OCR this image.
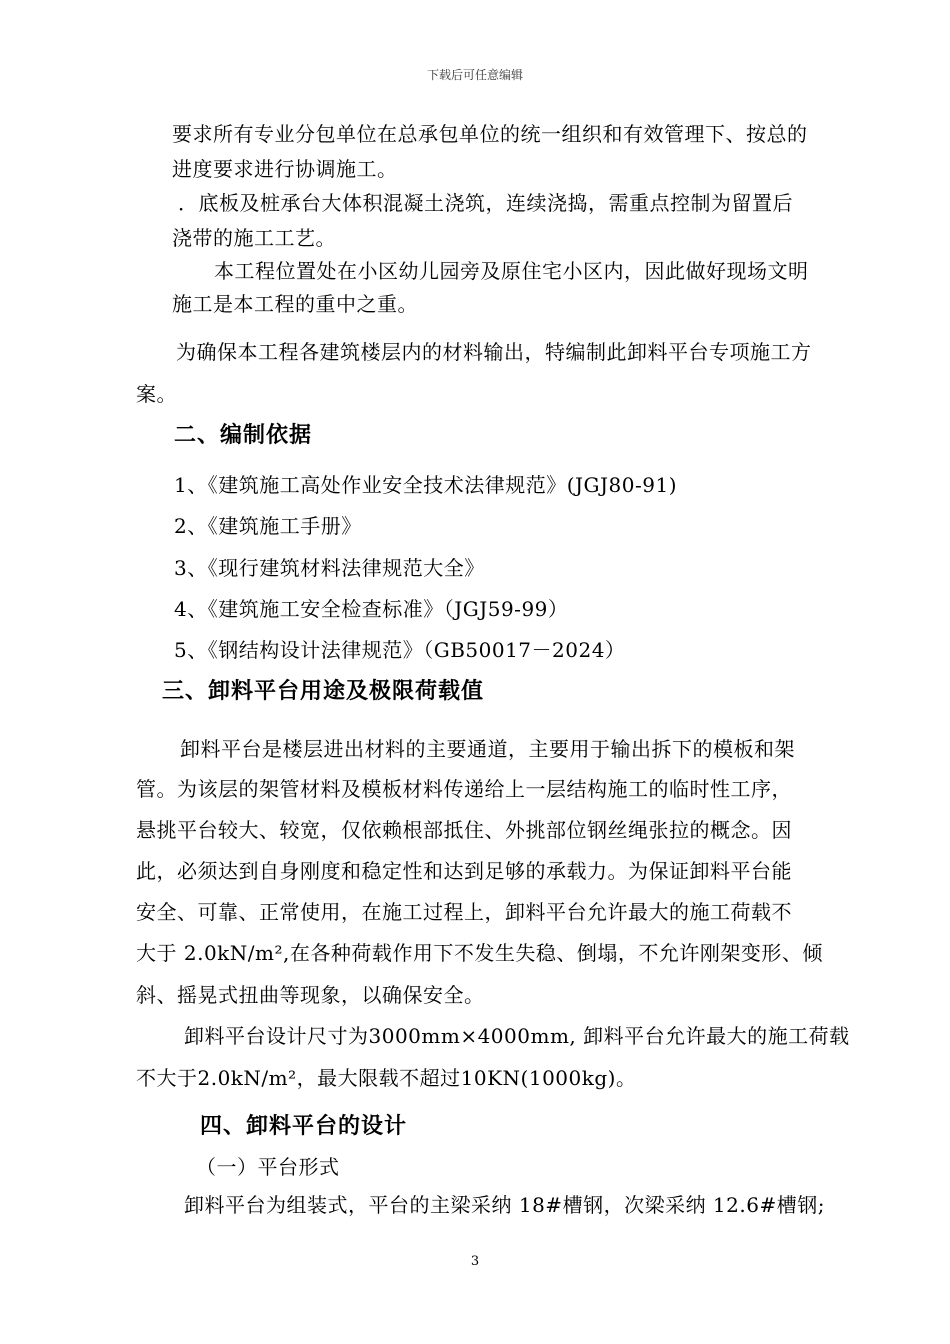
下载后可任意编辑
要求所有专业分包单位在总承包单位的统一组织和有效管理下、按总的
进度要求进行协调施工。
．底板及桩承台大体积混凝土浇筑，连续浇捣，需重点控制为留置后
浇带的施工工艺。
本工程位置处在小区幼儿园旁及原住宅小区内，因此做好现场文明
施工是本工程的重中之重。
为确保本工程各建筑楼层内的材料输出，特编制此卸料平台专项施工方
案。
二、编制依据
1、《建筑施工高处作业安全技术法律规范》(JGJ80-91)
2、《建筑施工手册》
3、《现行建筑材料法律规范大全》
4、《建筑施工安全检查标准》（JGJ59-99）
5、《钢结构设计法律规范》（GB50017－2024）
三、卸料平台用途及极限荷载值
卸料平台是楼层进出材料的主要通道，主要用于输出拆下的模板和架
管。为该层的架管材料及模板材料传递给上一层结构施工的临时性工序，
悬挑平台较大、较宽，仅依赖根部抵住、外挑部位钢丝绳张拉的概念。因
此，必须达到自身刚度和稳定性和达到足够的承载力。为保证卸料平台能
安全、可靠、正常使用，在施工过程上，卸料平台允许最大的施工荷载不
大于 2.0kN/m²,在各种荷载作用下不发生失稳、倒塌，不允许刚架变形、倾
斜、摇晃式扭曲等现象，以确保安全。
卸料平台设计尺寸为3000mm×4000mm, 卸料平台允许最大的施工荷载
不大于2.0kN/m²，最大限载不超过10KN(1000kg)。
四、卸料平台的设计
（一）平台形式
卸料平台为组装式，平台的主梁采纳 18#槽钢，次梁采纳 12.6#槽钢;
3
